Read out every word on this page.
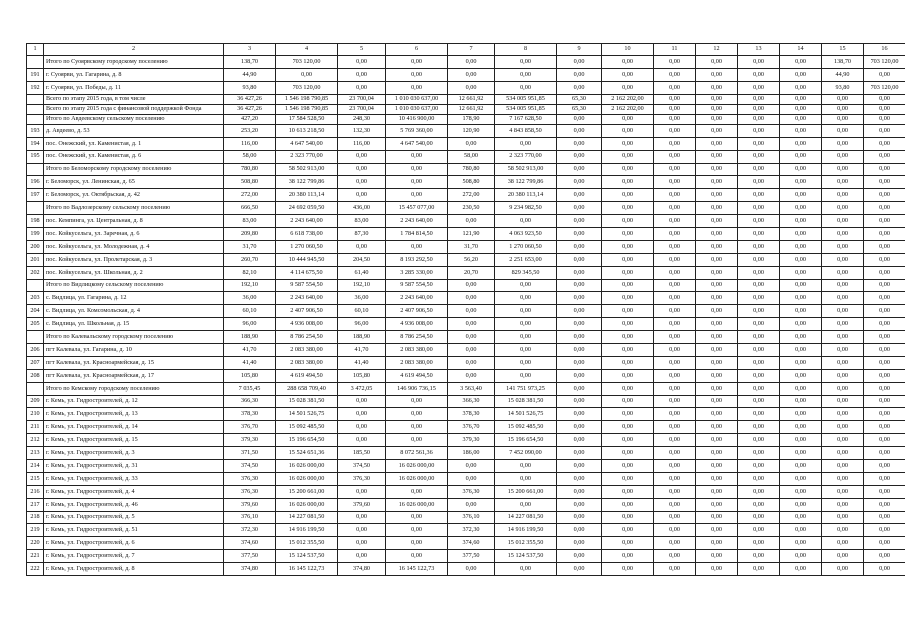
1	2	3	4	5	6	7	8	9	10	11	12	13	14	15	16
	Итого по Суоярвскому городскому поселению	138,70	703 120,00	0,00	0,00	0,00	0,00	0,00	0,00	0,00	0,00	0,00	0,00	138,70	703 120,00
191	г. Суоярви, ул. Гагарина, д. 8	44,90	0,00	0,00	0,00	0,00	0,00	0,00	0,00	0,00	0,00	0,00	0,00	44,90	0,00
192	г. Суоярви, ул. Победы, д. 11	93,80	703 120,00	0,00	0,00	0,00	0,00	0,00	0,00	0,00	0,00	0,00	0,00	93,80	703 120,00
	Всего по этапу 2015 года, в том числе	36 427,26	1 546 198 790,85	23 700,04	1 010 030 637,00	12 661,92	534 005 951,85	65,30	2 162 202,00	0,00	0,00	0,00	0,00	0,00	0,00
	Всего по этапу 2015 года с финансовой поддержкой Фонда	36 427,26	1 546 198 790,85	23 700,04	1 010 030 637,00	12 661,92	534 005 951,85	65,30	2 162 202,00	0,00	0,00	0,00	0,00	0,00	0,00
	Итого по Авдеевскому сельскому поселению	427,20	17 584 528,50	248,30	10 416 900,00	178,90	7 167 628,50	0,00	0,00	0,00	0,00	0,00	0,00	0,00	0,00
193	д. Авдеево, д. 53	253,20	10 613 218,50	132,30	5 769 360,00	120,90	4 843 858,50	0,00	0,00	0,00	0,00	0,00	0,00	0,00	0,00
194	пос. Онежский, ул. Каменистая, д. 1	116,00	4 647 540,00	116,00	4 647 540,00	0,00	0,00	0,00	0,00	0,00	0,00	0,00	0,00	0,00	0,00
195	пос. Онежский, ул. Каменистая, д. 6	58,00	2 323 770,00	0,00	0,00	58,00	2 323 770,00	0,00	0,00	0,00	0,00	0,00	0,00	0,00	0,00
	Итого по Беломорскому городскому поселению	780,80	58 502 913,00	0,00	0,00	780,80	58 502 913,00	0,00	0,00	0,00	0,00	0,00	0,00	0,00	0,00
196	г. Беломорск, ул. Ленинская, д. 65	508,80	38 122 799,86	0,00	0,00	508,80	38 122 799,86	0,00	0,00	0,00	0,00	0,00	0,00	0,00	0,00
197	г. Беломорск, ул. Октябрьская, д. 42	272,00	20 380 113,14	0,00	0,00	272,00	20 380 113,14	0,00	0,00	0,00	0,00	0,00	0,00	0,00	0,00
	Итого по Вадлозерскому сельскому поселению	666,50	24 692 059,50	436,00	15 457 077,00	230,50	9 234 982,50	0,00	0,00	0,00	0,00	0,00	0,00	0,00	0,00
198	пос. Кемпинга, ул. Центральная, д. 8	83,00	2 243 640,00	83,00	2 243 640,00	0,00	0,00	0,00	0,00	0,00	0,00	0,00	0,00	0,00	0,00
199	пос. Койкусельга, ул. Заречная, д. 6	209,80	6 618 738,00	87,30	1 784 814,50	121,90	4 063 923,50	0,00	0,00	0,00	0,00	0,00	0,00	0,00	0,00
200	пос. Койкусельга, ул. Молодежная, д. 4	31,70	1 270 060,50	0,00	0,00	31,70	1 270 060,50	0,00	0,00	0,00	0,00	0,00	0,00	0,00	0,00
201	пос. Койкусельга, ул. Пролетарская, д. 3	260,70	10 444 945,50	204,50	8 193 292,50	56,20	2 251 653,00	0,00	0,00	0,00	0,00	0,00	0,00	0,00	0,00
202	пос. Койкусельга, ул. Школьная, д. 2	82,10	4 114 675,50	61,40	3 285 330,00	20,70	829 345,50	0,00	0,00	0,00	0,00	0,00	0,00	0,00	0,00
	Итого по Видлицкому сельскому поселению	192,10	9 587 554,50	192,10	9 587 554,50	0,00	0,00	0,00	0,00	0,00	0,00	0,00	0,00	0,00	0,00
203	с. Видлица, ул. Гагарина, д. 12	36,00	2 243 640,00	36,00	2 243 640,00	0,00	0,00	0,00	0,00	0,00	0,00	0,00	0,00	0,00	0,00
204	с. Видлица, ул. Комсомольская, д. 4	60,10	2 407 906,50	60,10	2 407 906,50	0,00	0,00	0,00	0,00	0,00	0,00	0,00	0,00	0,00	0,00
205	с. Видлица, ул. Школьная, д. 15	96,00	4 936 008,00	96,00	4 936 008,00	0,00	0,00	0,00	0,00	0,00	0,00	0,00	0,00	0,00	0,00
	Итого по Калевальскому городскому поселению	188,90	8 786 254,50	188,90	8 786 254,50	0,00	0,00	0,00	0,00	0,00	0,00	0,00	0,00	0,00	0,00
206	пгт Калевала, ул. Гагарина, д. 10	41,70	2 083 380,00	41,70	2 083 380,00	0,00	0,00	0,00	0,00	0,00	0,00	0,00	0,00	0,00	0,00
207	пгт Калевала, ул. Красноармейская, д. 15	41,40	2 083 380,00	41,40	2 083 380,00	0,00	0,00	0,00	0,00	0,00	0,00	0,00	0,00	0,00	0,00
208	пгт Калевала, ул. Красноармейская, д. 17	105,80	4 619 494,50	105,80	4 619 494,50	0,00	0,00	0,00	0,00	0,00	0,00	0,00	0,00	0,00	0,00
	Итого по Кемскому городскому поселению	7 035,45	288 658 709,40	3 472,05	146 906 736,15	3 563,40	141 751 973,25	0,00	0,00	0,00	0,00	0,00	0,00	0,00	0,00
209	г. Кемь, ул. Гидростроителей, д. 12	366,30	15 028 381,50	0,00	0,00	366,30	15 028 381,50	0,00	0,00	0,00	0,00	0,00	0,00	0,00	0,00
210	г. Кемь, ул. Гидростроителей, д. 13	378,30	14 501 526,75	0,00	0,00	378,30	14 501 526,75	0,00	0,00	0,00	0,00	0,00	0,00	0,00	0,00
211	г. Кемь, ул. Гидростроителей, д. 14	376,70	15 092 485,50	0,00	0,00	376,70	15 092 485,50	0,00	0,00	0,00	0,00	0,00	0,00	0,00	0,00
212	г. Кемь, ул. Гидростроителей, д. 15	379,30	15 196 654,50	0,00	0,00	379,30	15 196 654,50	0,00	0,00	0,00	0,00	0,00	0,00	0,00	0,00
213	г. Кемь, ул. Гидростроителей, д. 3	371,50	15 524 651,36	185,50	8 072 561,36	186,00	7 452 090,00	0,00	0,00	0,00	0,00	0,00	0,00	0,00	0,00
214	г. Кемь, ул. Гидростроителей, д. 31	374,50	16 026 000,00	374,50	16 026 000,00	0,00	0,00	0,00	0,00	0,00	0,00	0,00	0,00	0,00	0,00
215	г. Кемь, ул. Гидростроителей, д. 33	376,30	16 026 000,00	376,30	16 026 000,00	0,00	0,00	0,00	0,00	0,00	0,00	0,00	0,00	0,00	0,00
216	г. Кемь, ул. Гидростроителей, д. 4	376,30	15 200 661,00	0,00	0,00	376,30	15 200 661,00	0,00	0,00	0,00	0,00	0,00	0,00	0,00	0,00
217	г. Кемь, ул. Гидростроителей, д. 46	379,60	16 026 000,00	379,60	16 026 000,00	0,00	0,00	0,00	0,00	0,00	0,00	0,00	0,00	0,00	0,00
218	г. Кемь, ул. Гидростроителей, д. 5	376,10	14 227 081,50	0,00	0,00	376,10	14 227 081,50	0,00	0,00	0,00	0,00	0,00	0,00	0,00	0,00
219	г. Кемь, ул. Гидростроителей, д. 51	372,30	14 916 199,50	0,00	0,00	372,30	14 916 199,50	0,00	0,00	0,00	0,00	0,00	0,00	0,00	0,00
220	г. Кемь, ул. Гидростроителей, д. 6	374,60	15 012 355,50	0,00	0,00	374,60	15 012 355,50	0,00	0,00	0,00	0,00	0,00	0,00	0,00	0,00
221	г. Кемь, ул. Гидростроителей, д. 7	377,50	15 124 537,50	0,00	0,00	377,50	15 124 537,50	0,00	0,00	0,00	0,00	0,00	0,00	0,00	0,00
222	г. Кемь, ул. Гидростроителей, д. 8	374,80	16 145 122,73	374,80	16 145 122,73	0,00	0,00	0,00	0,00	0,00	0,00	0,00	0,00	0,00	0,00
